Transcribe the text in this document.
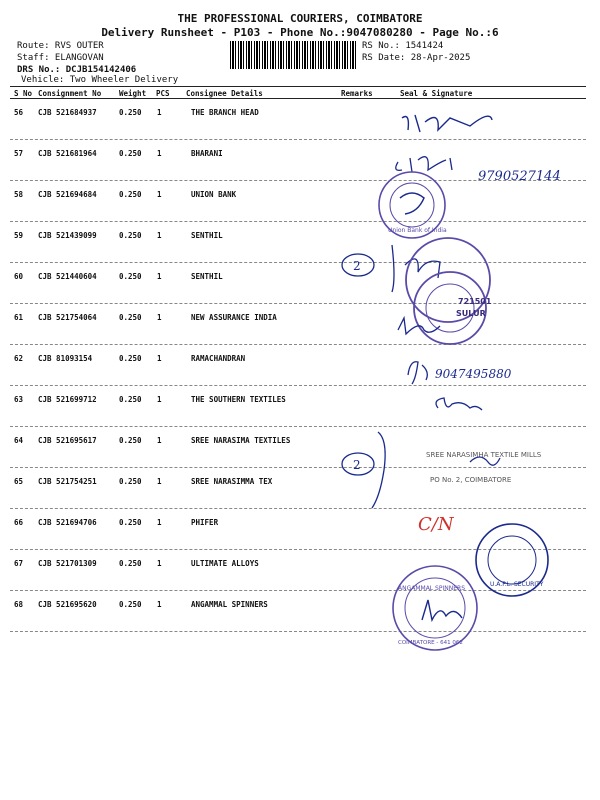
THE PROFESSIONAL COURIERS, COIMBATORE
Delivery Runsheet - P103 - Phone No.:9047080280 - Page No.:6
Route: RVS OUTER
Staff: ELANGOVAN
DRS No.: DCJB154142406
Vehicle: Two Wheeler Delivery
RS No.: 1541424
RS Date: 28-Apr-2025
S No Consignment No Weight PCS Consignee Details	Remarks	Seal & Signature
56 CJB 521684937	0.250 1	THE BRANCH HEAD
57 CJB 521681964	0.250 1	BHARANI
58 CJB 521694684	0.250 1	UNION BANK
59 CJB 521439099	0.250 1	SENTHIL
60 CJB 521440604	0.250 1	SENTHIL
61 CJB 521754064	0.250 1	NEW ASSURANCE INDIA
62 CJB 81093154	0.250 1	RAMACHANDRAN
63 CJB 521699712	0.250 1	THE SOUTHERN TEXTILES
64 CJB 521695617	0.250 1	SREE NARASIMA TEXTILES
65 CJB 521754251	0.250 1	SREE NARASIMMA TEX
66 CJB 521694706	0.250 1	PHIFER
67 CJB 521701309	0.250 1	ULTIMATE ALLOYS
68 CJB 521695620	0.250 1	ANGAMMAL SPINNERS
9790527144
Union Bank of India
2
721501
SULUR
9047495880
2
SREE NARASIMHA TEXTILE MILLS
PO No. 2, COIMBATORE
C/N
U.A.P.L. SECURITY
ANGAMMAL SPINNERS
COIMBATORE - 641 062
